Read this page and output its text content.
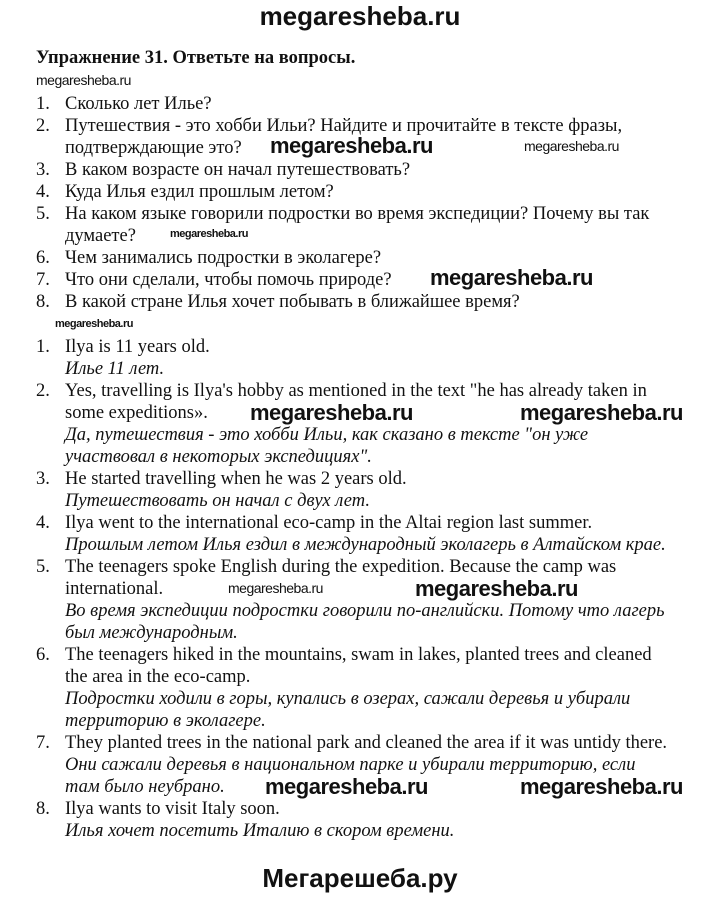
megaresheba.ru
Упражнение 31. Ответьте на вопросы.
1. Сколько лет Илье?
2. Путешествия - это хобби Ильи? Найдите и прочитайте в тексте фразы,
подтверждающие это?
3. В каком возрасте он начал путешествовать?
4. Куда Илья ездил прошлым летом?
5. На каком языке говорили подростки во время экспедиции? Почему вы так
думаете?
6. Чем занимались подростки в эколагере?
7. Что они сделали, чтобы помочь природе?
8. В какой стране Илья хочет побывать в ближайшее время?
1. Ilya is 11 years old.
Илье 11 лет.
2. Yes, travelling is Ilya's hobby as mentioned in the text "he has already taken in
some expeditions».
Да, путешествия - это хобби Ильи, как сказано в тексте "он уже
участвовал в некоторых экспедициях".
3. He started travelling when he was 2 years old.
Путешествовать он начал с двух лет.
4. Ilya went to the international eco-camp in the Altai region last summer.
Прошлым летом Илья ездил в международный эколагерь в Алтайском крае.
5. The teenagers spoke English during the expedition. Because the camp was
international.
Во время экспедиции подростки говорили по-английски. Потому что лагерь
был международным.
6. The teenagers hiked in the mountains, swam in lakes, planted trees and cleaned
the area in the eco-camp.
Подростки ходили в горы, купались в озерах, сажали деревья и убирали
территорию в эколагере.
7. They planted trees in the national park and cleaned the area if it was untidy there.
Они сажали деревья в национальном парке и убирали территорию, если
там было неубрано.
8. Ilya wants to visit Italy soon.
Илья хочет посетить Италию в скором времени.
megaresheba.ru
megaresheba.ru	megaresheba.ru
megaresheba.ru
megaresheba.ru
megaresheba.ru
megaresheba.ru	megaresheba.ru
megaresheba.ru	megaresheba.ru
megaresheba.ru	megaresheba.ru
Мегарешеба.ру
